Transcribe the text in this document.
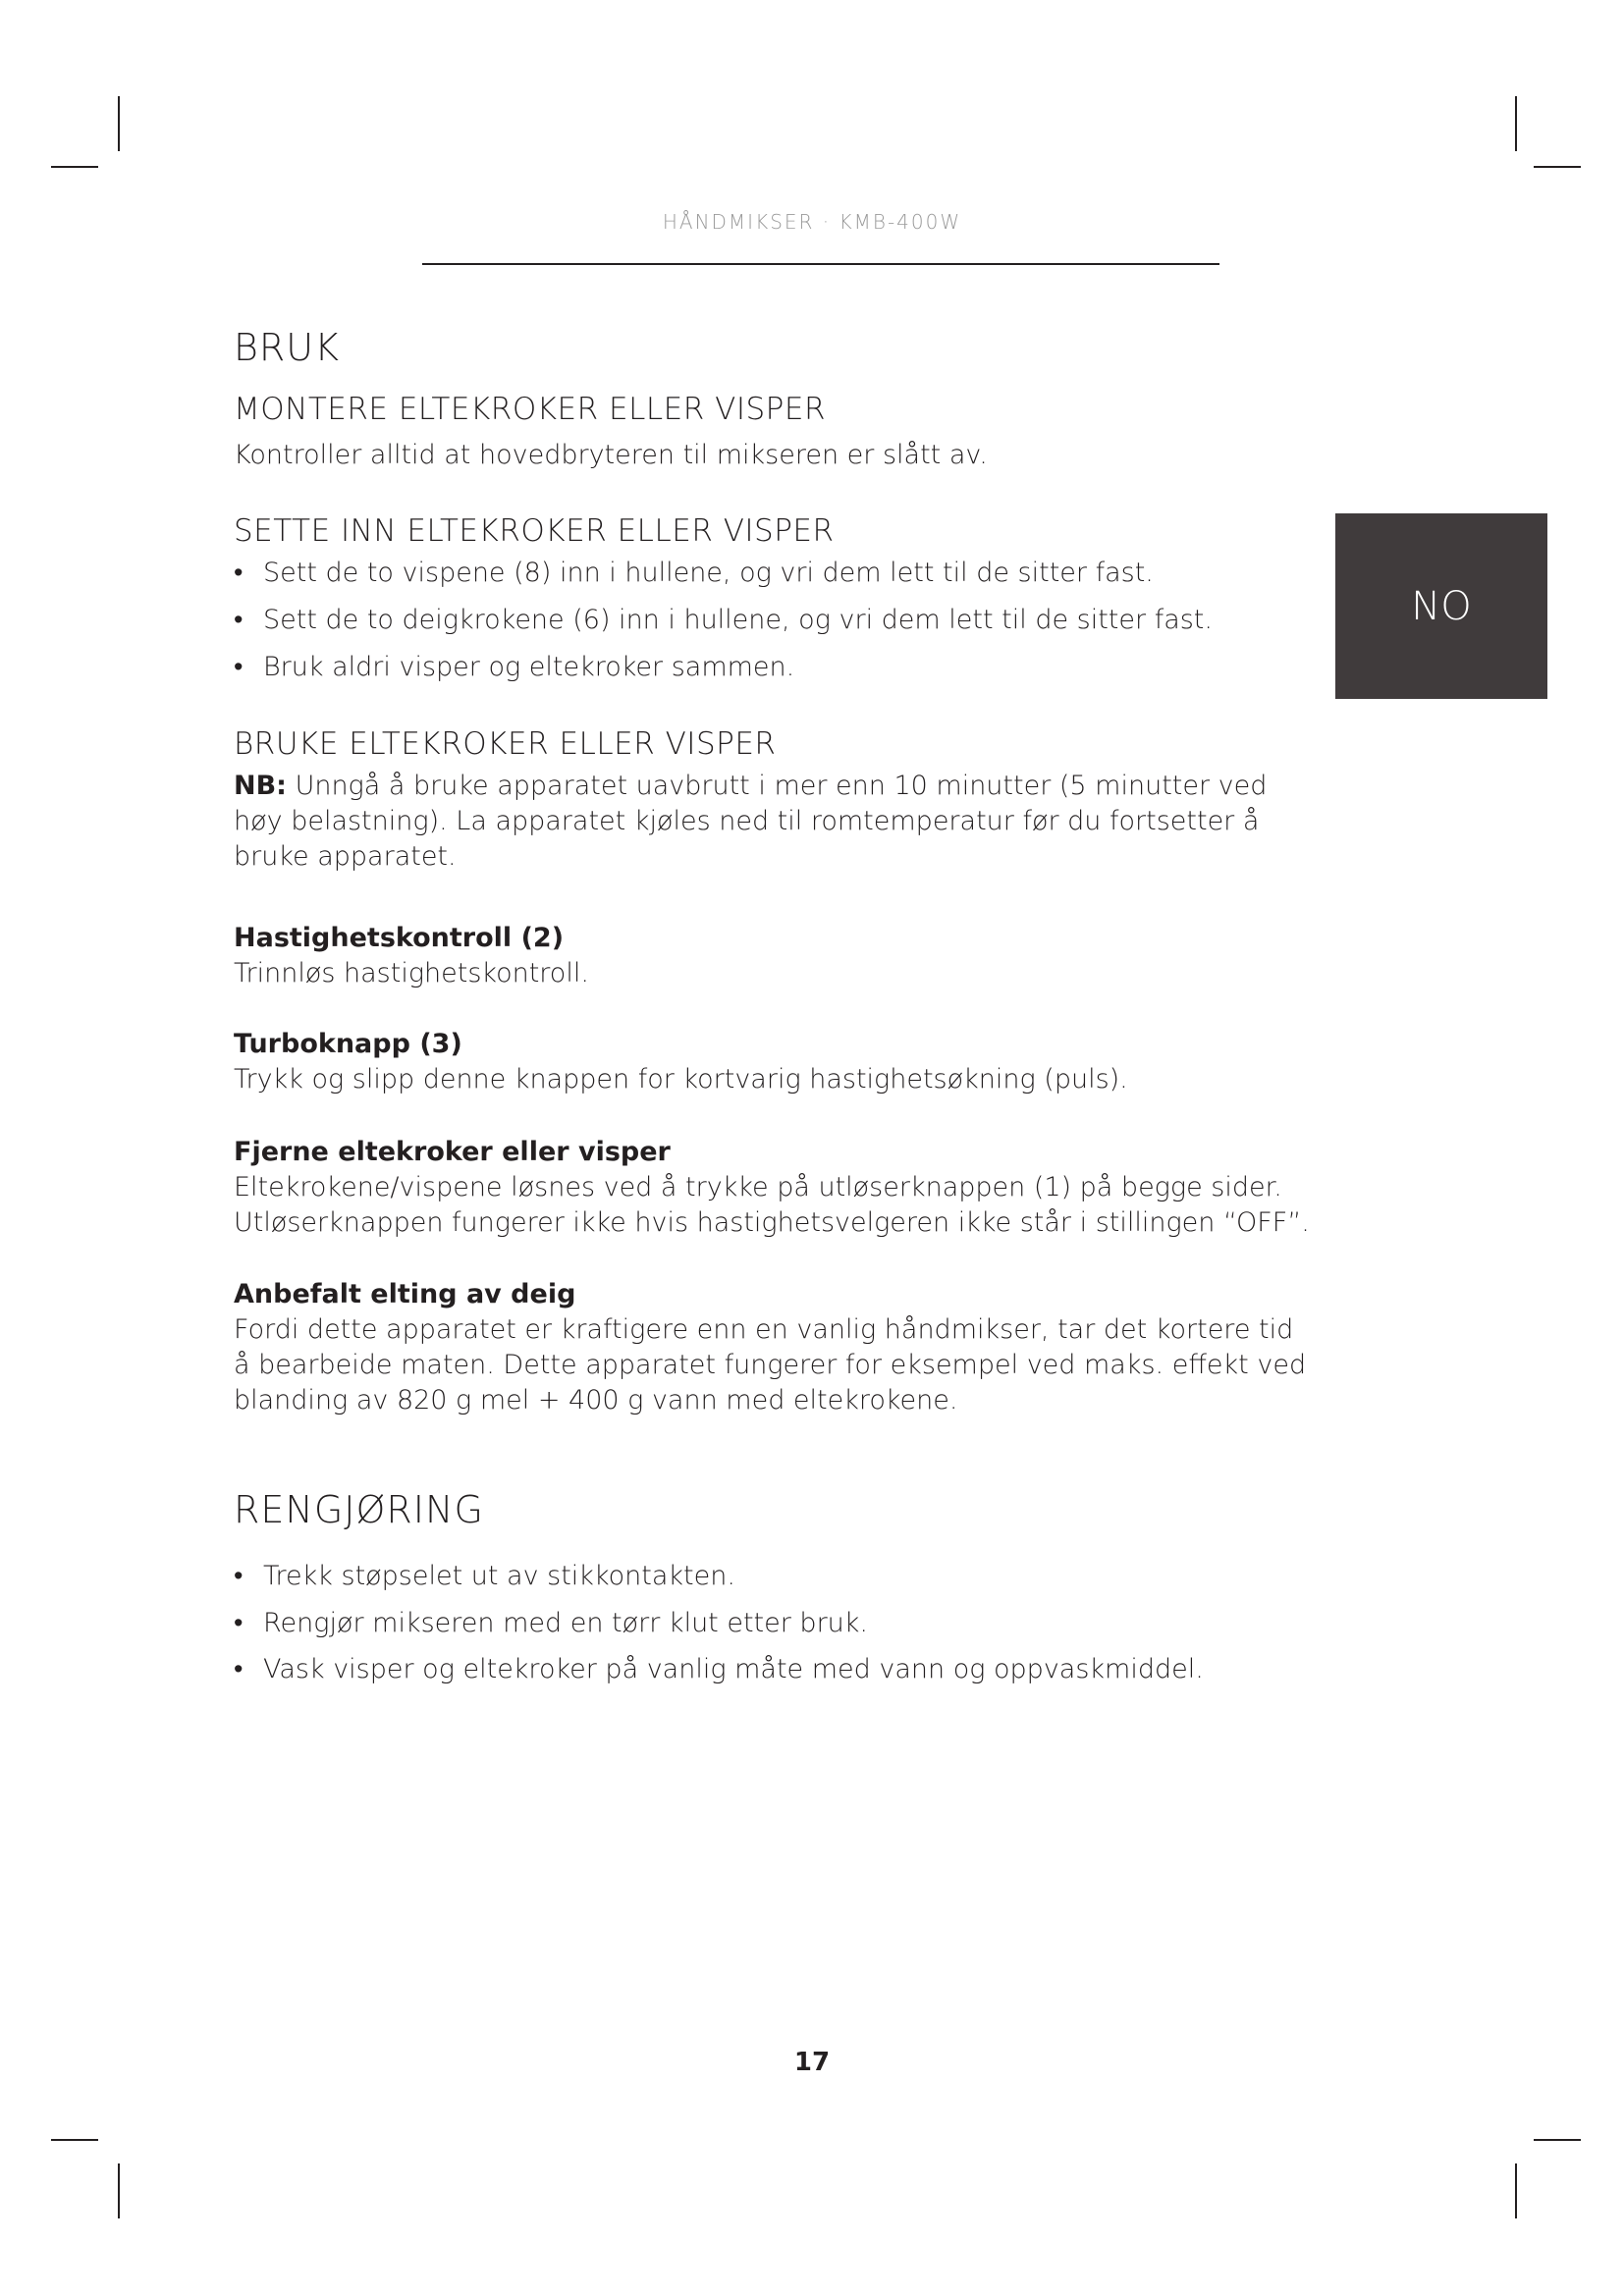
HÅNDMIKSER · KMB-400W
NO
BRUK
MONTERE ELTEKROKER ELLER VISPER

Kontroller alltid at hovedbryteren til mikseren er slått av.

SETTE INN ELTEKROKER ELLER VISPER
• Sett de to vispene (8) inn i hullene, og vri dem lett til de sitter fast.
• Sett de to deigkrokene (6) inn i hullene, og vri dem lett til de sitter fast.
• Bruk aldri visper og eltekroker sammen.
BRUKE ELTEKROKER ELLER VISPER

NB: Unngå å bruke apparatet uavbrutt i mer enn 10 minutter (5 minutter ved høy belastning). La apparatet kjøles ned til romtemperatur før du fortsetter å bruke apparatet.

Hastighetskontroll (2)

Trinnløs hastighetskontroll.

Turboknapp (3)

Trykk og slipp denne knappen for kortvarig hastighetsøkning (puls).

Fjerne eltekroker eller visper

Eltekrokene/vispene løsnes ved å trykke på utløserknappen (1) på begge sider. Utløserknappen fungerer ikke hvis hastighetsvelgeren ikke står i stillingen “OFF”.

Anbefalt elting av deig

Fordi dette apparatet er kraftigere enn en vanlig håndmikser, tar det kortere tid å bearbeide maten. Dette apparatet fungerer for eksempel ved maks. effekt ved blanding av 820 g mel + 400 g vann med eltekrokene.

RENGJØRING
• Trekk støpselet ut av stikkontakten.
• Rengjør mikseren med en tørr klut etter bruk.
• Vask visper og eltekroker på vanlig måte med vann og oppvaskmiddel.
17
